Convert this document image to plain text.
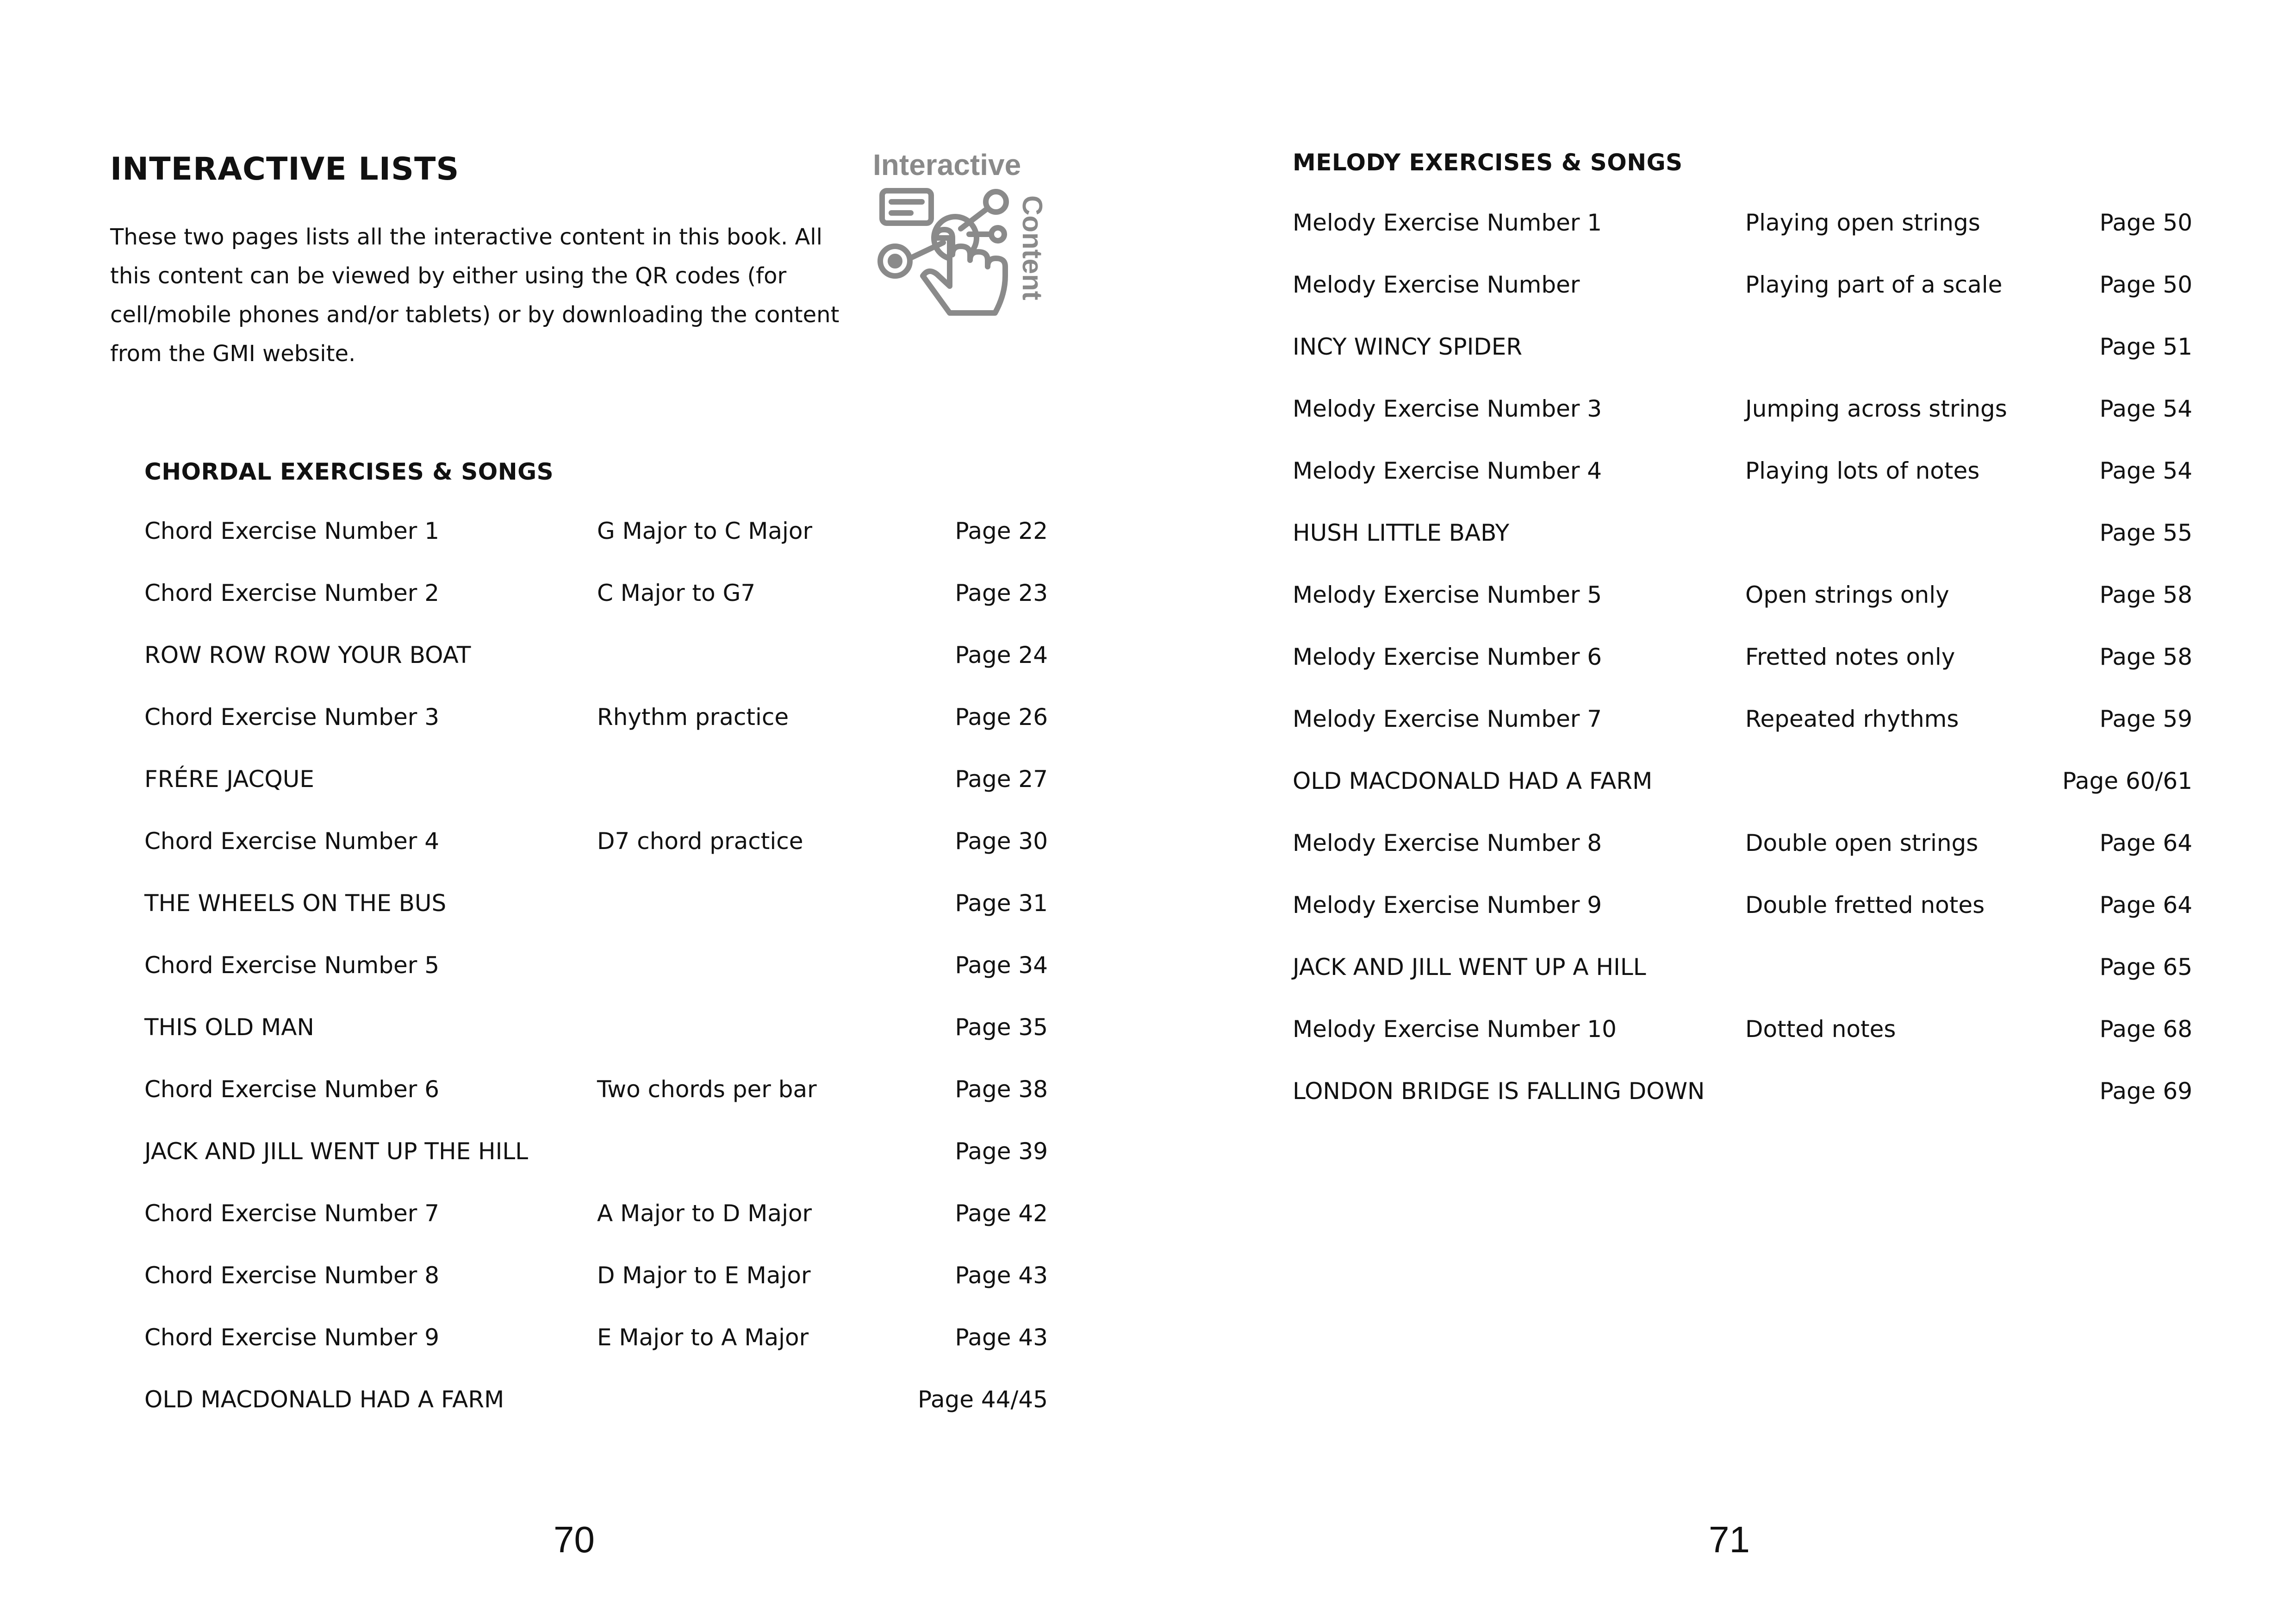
INTERACTIVE LISTS

These two pages lists all the interactive content in this book. All this content can be viewed by either using the QR codes (for cell/mobile phones and/or tablets) or by downloading the content from the GMI website.

Interactive
Content
CHORDAL EXERCISES & SONGS
Chord Exercise Number 1	G Major to C Major	Page 22
Chord Exercise Number 2	C Major to G7	Page 23
ROW ROW ROW YOUR BOAT	Page 24
Chord Exercise Number 3	Rhythm practice	Page 26
FRÉRE JACQUE	Page 27
Chord Exercise Number 4	D7 chord practice	Page 30
THE WHEELS ON THE BUS	Page 31
Chord Exercise Number 5	Page 34
THIS OLD MAN	Page 35
Chord Exercise Number 6	Two chords per bar	Page 38
JACK AND JILL WENT UP THE HILL	Page 39
Chord Exercise Number 7	A Major to D Major	Page 42
Chord Exercise Number 8	D Major to E Major	Page 43
Chord Exercise Number 9	E Major to A Major	Page 43
OLD MACDONALD HAD A FARM	Page 44/45

70

MELODY EXERCISES & SONGS
Melody Exercise Number 1	Playing open strings	Page 50
Melody Exercise Number	Playing part of a scale	Page 50
INCY WINCY SPIDER	Page 51
Melody Exercise Number 3	Jumping across strings	Page 54
Melody Exercise Number 4	Playing lots of notes	Page 54
HUSH LITTLE BABY	Page 55
Melody Exercise Number 5	Open strings only	Page 58
Melody Exercise Number 6	Fretted notes only	Page 58
Melody Exercise Number 7	Repeated rhythms	Page 59
OLD MACDONALD HAD A FARM	Page 60/61
Melody Exercise Number 8	Double open strings	Page 64
Melody Exercise Number 9	Double fretted notes	Page 64
JACK AND JILL WENT UP A HILL	Page 65
Melody Exercise Number 10	Dotted notes	Page 68
LONDON BRIDGE IS FALLING DOWN	Page 69

71
